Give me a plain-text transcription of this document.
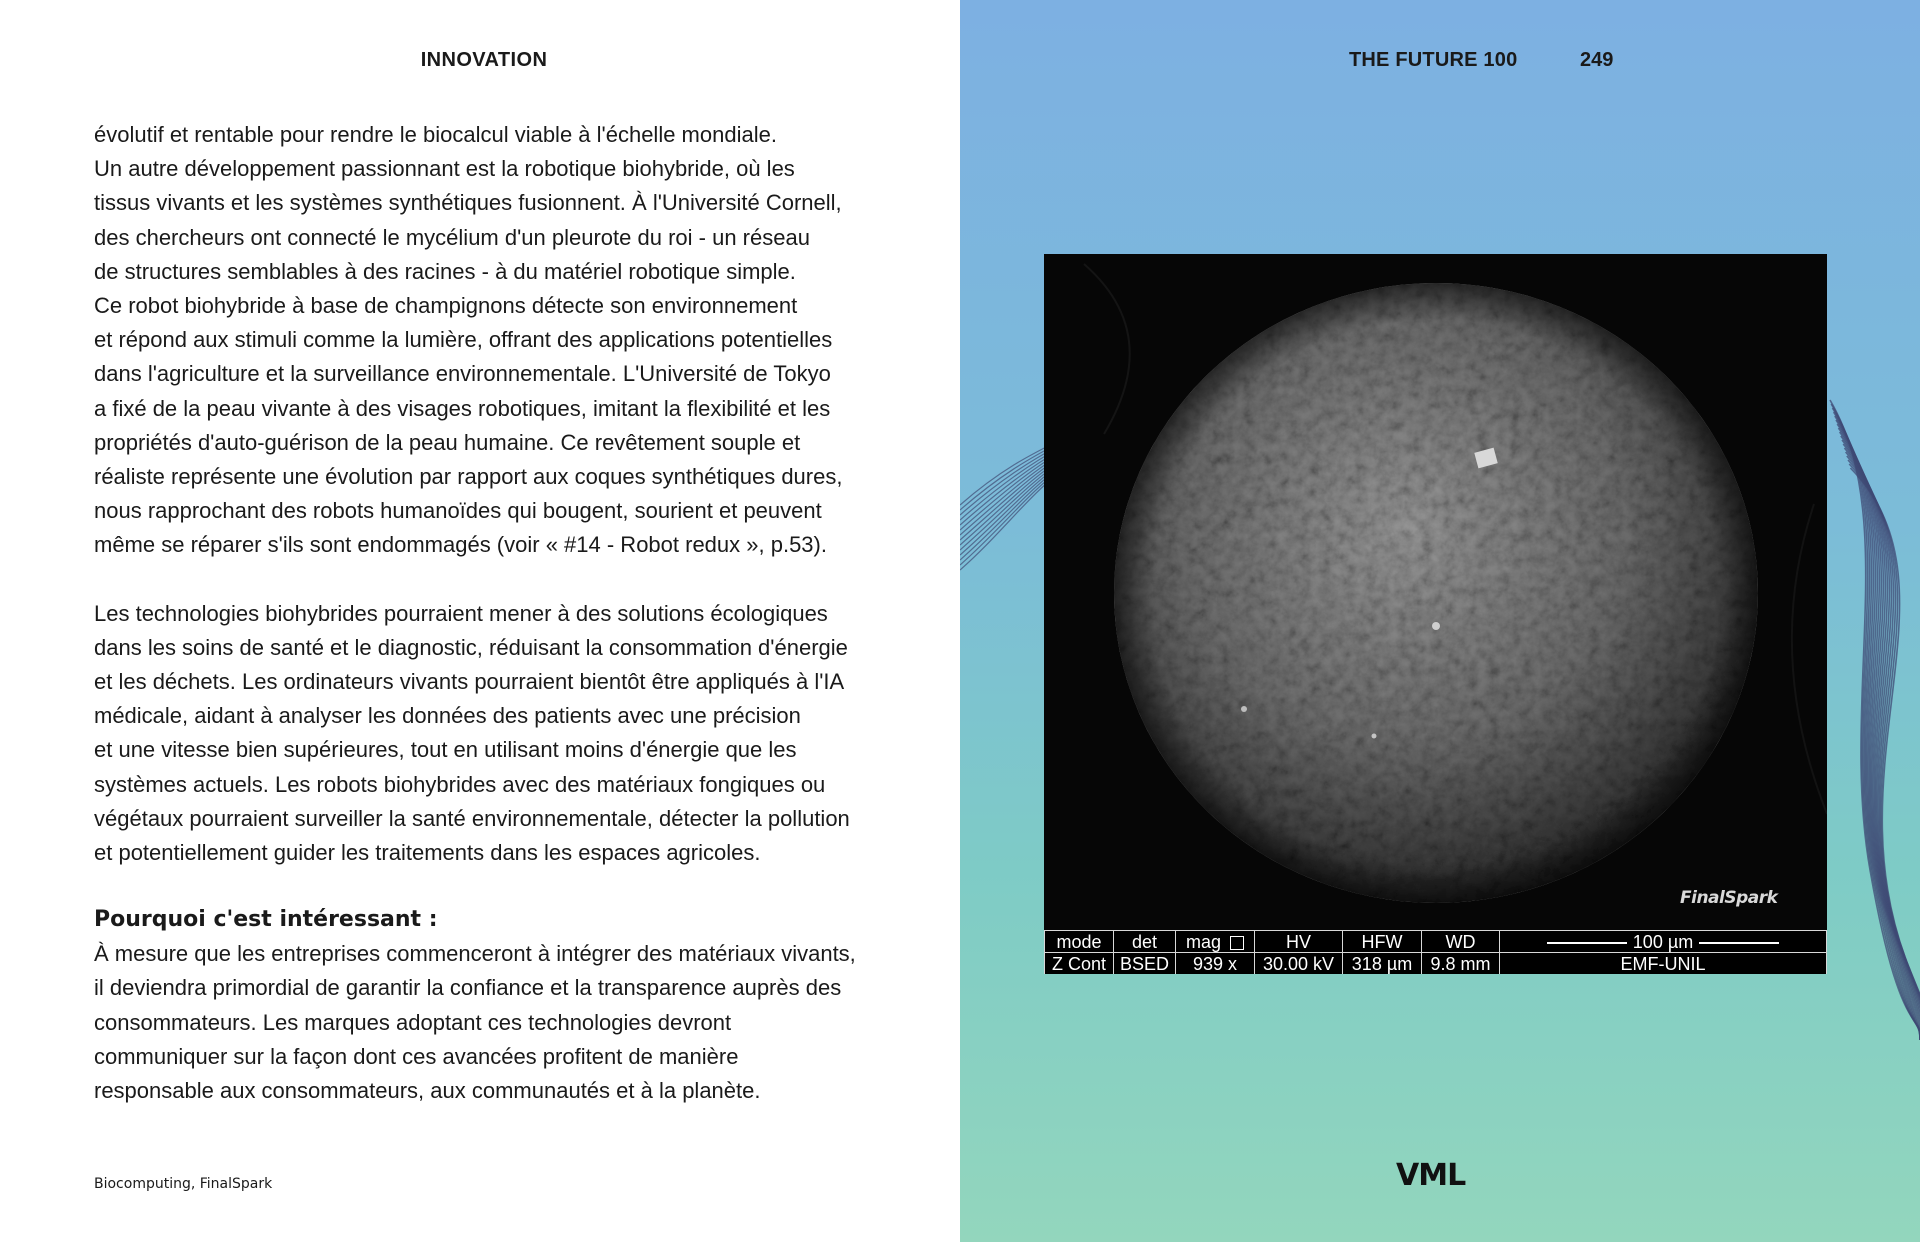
INNOVATION

évolutif et rentable pour rendre le biocalcul viable à l'échelle mondiale.
Un autre développement passionnant est la robotique biohybride, où les
tissus vivants et les systèmes synthétiques fusionnent. À l'Université Cornell,
des chercheurs ont connecté le mycélium d'un pleurote du roi - un réseau
de structures semblables à des racines - à du matériel robotique simple.
Ce robot biohybride à base de champignons détecte son environnement
et répond aux stimuli comme la lumière, offrant des applications potentielles
dans l'agriculture et la surveillance environnementale. L'Université de Tokyo
a fixé de la peau vivante à des visages robotiques, imitant la flexibilité et les
propriétés d'auto-guérison de la peau humaine. Ce revêtement souple et
réaliste représente une évolution par rapport aux coques synthétiques dures,
nous rapprochant des robots humanoïdes qui bougent, sourient et peuvent
même se réparer s'ils sont endommagés (voir « #14 - Robot redux », p.53).

Les technologies biohybrides pourraient mener à des solutions écologiques
dans les soins de santé et le diagnostic, réduisant la consommation d'énergie
et les déchets. Les ordinateurs vivants pourraient bientôt être appliqués à l'IA
médicale, aidant à analyser les données des patients avec une précision
et une vitesse bien supérieures, tout en utilisant moins d'énergie que les
systèmes actuels. Les robots biohybrides avec des matériaux fongiques ou
végétaux pourraient surveiller la santé environnementale, détecter la pollution
et potentiellement guider les traitements dans les espaces agricoles.

Pourquoi c'est intéressant :

À mesure que les entreprises commenceront à intégrer des matériaux vivants,
il deviendra primordial de garantir la confiance et la transparence auprès des
consommateurs. Les marques adoptant ces technologies devront
communiquer sur la façon dont ces avancées profitent de manière
responsable aux consommateurs, aux communautés et à la planète.

Biocomputing, FinalSpark
THE FUTURE 100	249
FinalSpark
mode	det	mag	HV	HFW	WD	100 µm
Z Cont	BSED	939 x	30.00 kV	318 µm	9.8 mm	EMF-UNIL
VML
